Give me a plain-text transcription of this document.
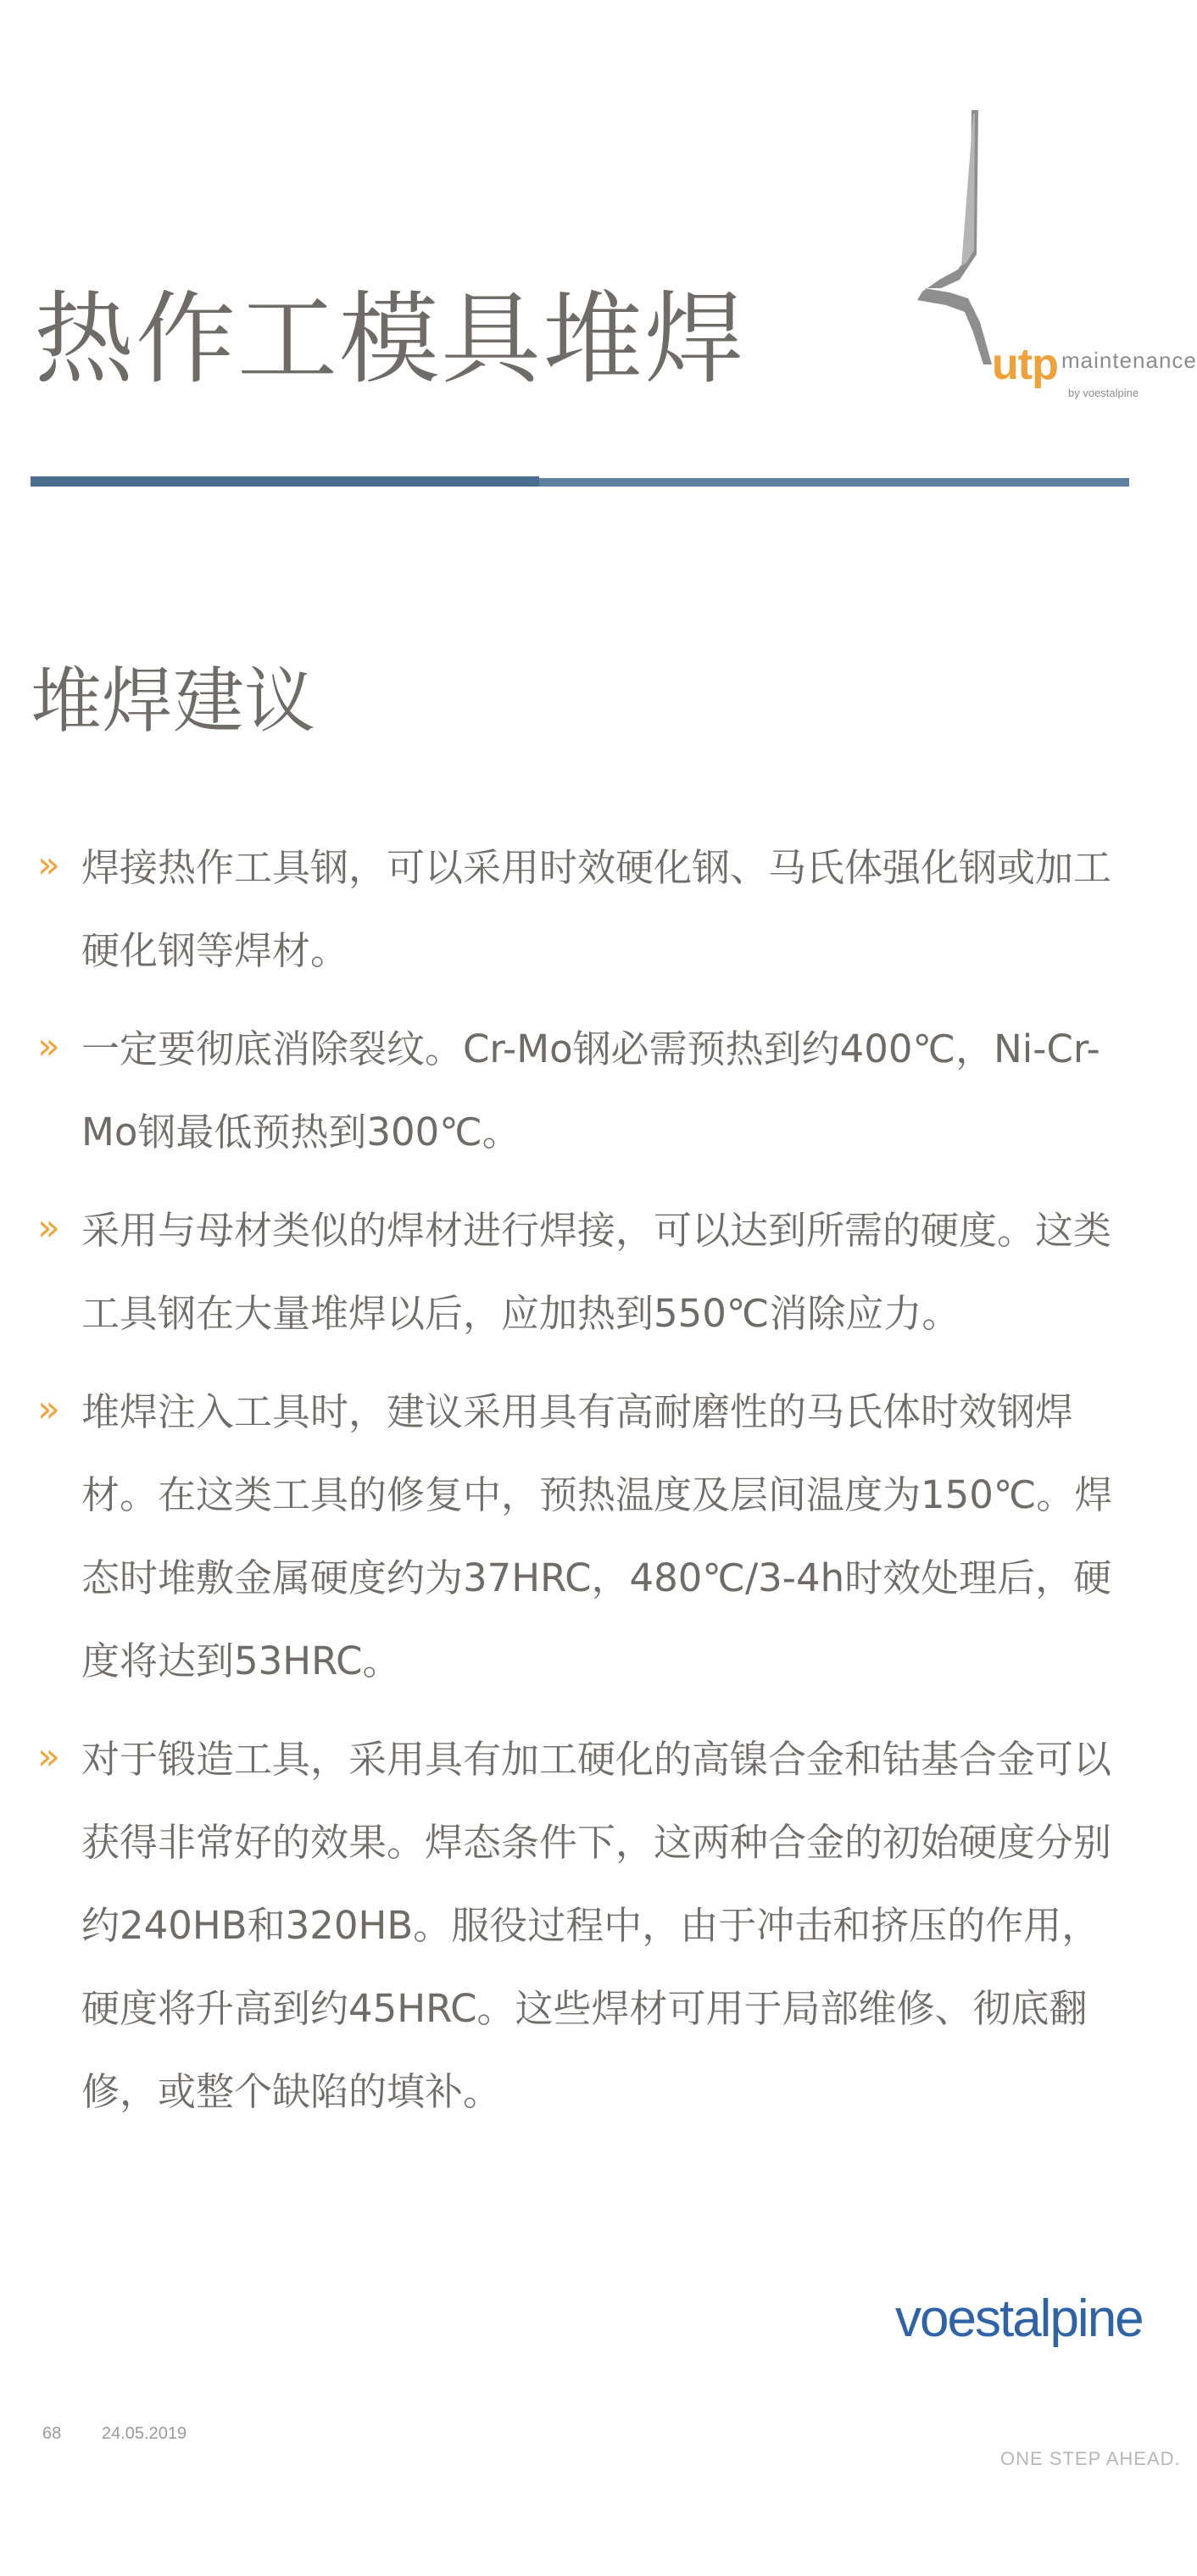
热作工模具堆焊	utp maintenance
by voestalpine
堆焊建议
» 焊接热作工具钢，可以采用时效硬化钢、马氏体强化钢或加工硬化钢等焊材。
» 一定要彻底消除裂纹。Cr-Mo钢必需预热到约400℃，Ni-Cr-Mo钢最低预热到300℃。
» 采用与母材类似的焊材进行焊接，可以达到所需的硬度。这类工具钢在大量堆焊以后，应加热到550℃消除应力。
» 堆焊注入工具时，建议采用具有高耐磨性的马氏体时效钢焊材。在这类工具的修复中，预热温度及层间温度为150℃。焊态时堆敷金属硬度约为37HRC，480℃/3-4h时效处理后，硬度将达到53HRC。
» 对于锻造工具，采用具有加工硬化的高镍合金和钴基合金可以获得非常好的效果。焊态条件下，这两种合金的初始硬度分别约240HB和320HB。服役过程中，由于冲击和挤压的作用，硬度将升高到约45HRC。这些焊材可用于局部维修、彻底翻修，或整个缺陷的填补。
voestalpine
ONE STEP AHEAD.
68 24.05.2019
